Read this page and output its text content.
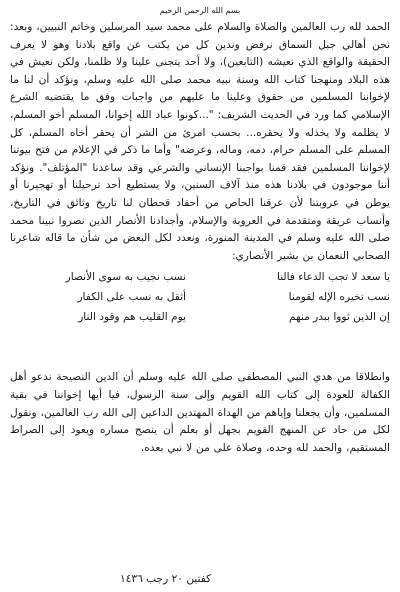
بسم الله الرحمن الرحيم
الحمد لله رب العالمين والصلاة والسلام على محمد سيد المرسلين وخاتم النبيين، وبعد: نحن أهالي جبل السماق نرفض وندين كل من يكتب عن واقع بلادنا وهو لا يعرف الحقيقة والواقع الذي نعيشه (التابعين)، ولا أحد يتجنى علينا ولا ظلمنا، ولكن نعيش في هذه البلاد ومنهجنا كتاب الله وسنة نبيه محمد صلى الله عليه وسلم، ونؤكد أن لنا ما لإخواننا المسلمين من حقوق وعلينا ما عليهم من واجبات وفق ما يقتضيه الشرع الإسلامي كما ورد في الحديث الشريف: "...كونوا عباد الله إخوانا، المسلم أخو المسلم، لا يظلمه ولا يخذله ولا يحقره... بحسب امرئ من الشر أن يحقر أخاه المسلم، كل المسلم على المسلم حرام، دمه، وماله، وعرضه" وأما ما ذكر في الإعلام من فتح بيوتنا لإخواننا المسلمين فقد قمنا بواجبنا الإنساني والشرعي وقد ساعدنا "المؤتلف". ونؤكد أننا موجودون في بلادنا هذه منذ آلاف السنين، ولا يستطيع أحد ترحيلنا أو تهجيرنا أو يوطن في عروبتنا لأن عرقنا الحاص من أحفاد قحطان لنا تاريخ وثائق في التاريخ، وأنساب عريقة ومتقدمة في العروبة والإسلام، وأجدادنا الأنصار الذين نصروا نبينا محمد صلى الله عليه وسلم في المدينة المنورة، ونعدد لكل البعض من شأن ما قاله شاعرنا الصحابي النعمان بن بشير الأنصاري:
يا سعد لا تجب الدعاء فالنا
نسب نجيب به سوى الأنصار
نسب تخيره الإله لقومنا
أثقل به نسب على الكفار
إن الذين ثووا ببدر منهم
يوم القليب هم وقود النار
وانطلاقا من هدي النبي المصطفى صلى الله عليه وسلم أن الدين النصيحة ندعو أهل الكفالة للعودة إلى كتاب الله القويم وإلى سنة الرسول، فيا أيها إخواننا في بقية المسلمين، وأن يجعلنا وإياهم من الهداة المهتدين الداعين إلى الله رب العالمين، ونقول لكل من حاد عن المنهج القويم بجهل أو بعلم أن ينصح مساره ويعود إلى الصراط المستقيم، والحمد لله وحده، وصلاة على من لا نبي بعده.
كفتين ٢٠ رجب ١٤٣٦
